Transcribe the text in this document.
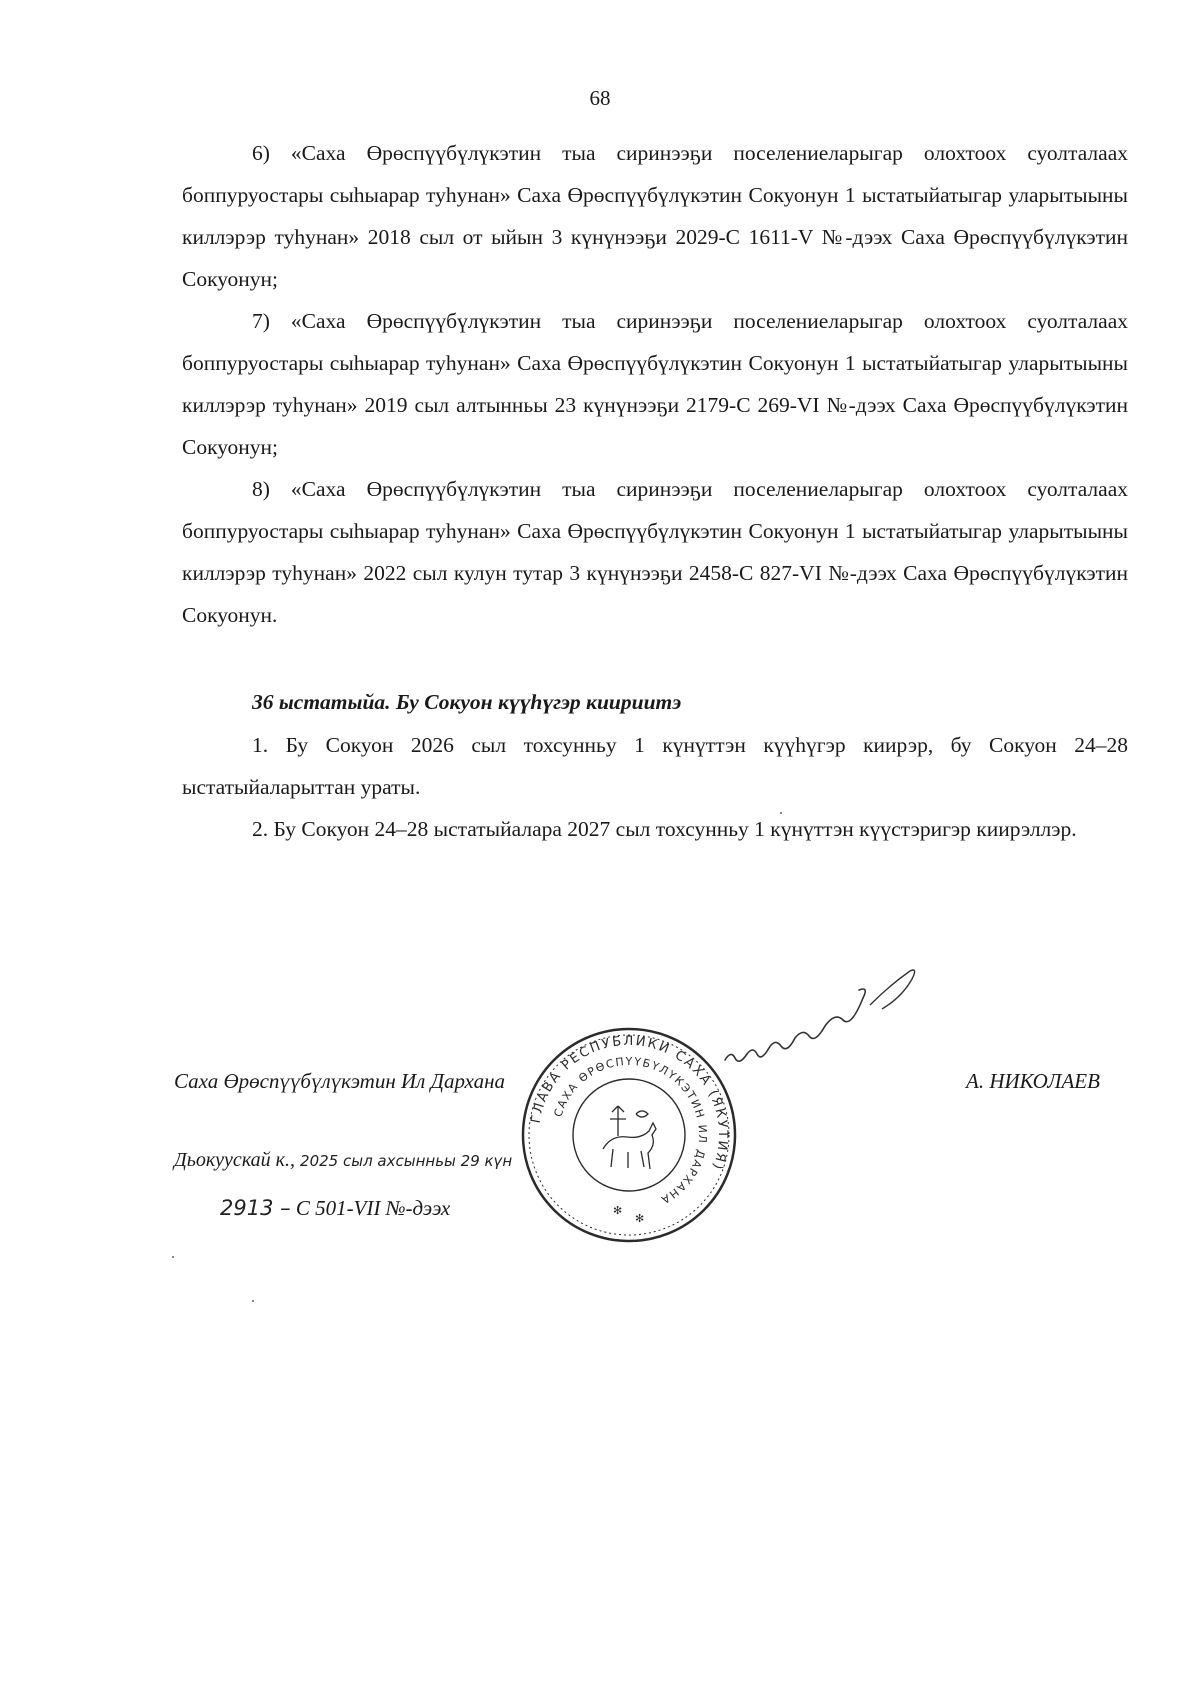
68

6) «Саха Өрөспүүбүлүкэтин тыа сиринээҕи поселениеларыгар олохтоох суолталаах боппуруостары сыһыарар туһунан» Саха Өрөспүүбүлүкэтин Сокуонун 1 ыстатыйатыгар уларытыыны киллэрэр туһунан» 2018 сыл от ыйын 3 күнүнээҕи 2029-С 1611-V №-дээх Саха Өрөспүүбүлүкэтин Сокуонун;

7) «Саха Өрөспүүбүлүкэтин тыа сиринээҕи поселениеларыгар олохтоох суолталаах боппуруостары сыһыарар туһунан» Саха Өрөспүүбүлүкэтин Сокуонун 1 ыстатыйатыгар уларытыыны киллэрэр туһунан» 2019 сыл алтынньы 23 күнүнээҕи 2179-С 269-VI №-дээх Саха Өрөспүүбүлүкэтин Сокуонун;

8) «Саха Өрөспүүбүлүкэтин тыа сиринээҕи поселениеларыгар олохтоох суолталаах боппуруостары сыһыарар туһунан» Саха Өрөспүүбүлүкэтин Сокуонун 1 ыстатыйатыгар уларытыыны киллэрэр туһунан» 2022 сыл кулун тутар 3 күнүнээҕи 2458-С 827-VI №-дээх Саха Өрөспүүбүлүкэтин Сокуонун.

36 ыстатыйа. Бу Сокуон күүһүгэр киириитэ

1. Бу Сокуон 2026 сыл тохсунньу 1 күнүттэн күүһүгэр киирэр, бу Сокуон 24–28 ыстатыйаларыттан ураты.

2. Бу Сокуон 24–28 ыстатыйалара 2027 сыл тохсунньу 1 күнүттэн күүстэригэр киирэллэр.

Саха Өрөспүүбүлүкэтин Ил Дархана	А. НИКОЛАЕВ
Дьокуускай к., 2025 сыл ахсынньы 29 күн
2913 – С 501-VII №-дээх
ГЛАВА РЕСПУБЛИКИ САХА (ЯКУТИЯ)
САХА ӨРӨСПҮҮБҮЛҮКЭТИН ИЛ ДАРХАНА
✻
✻
